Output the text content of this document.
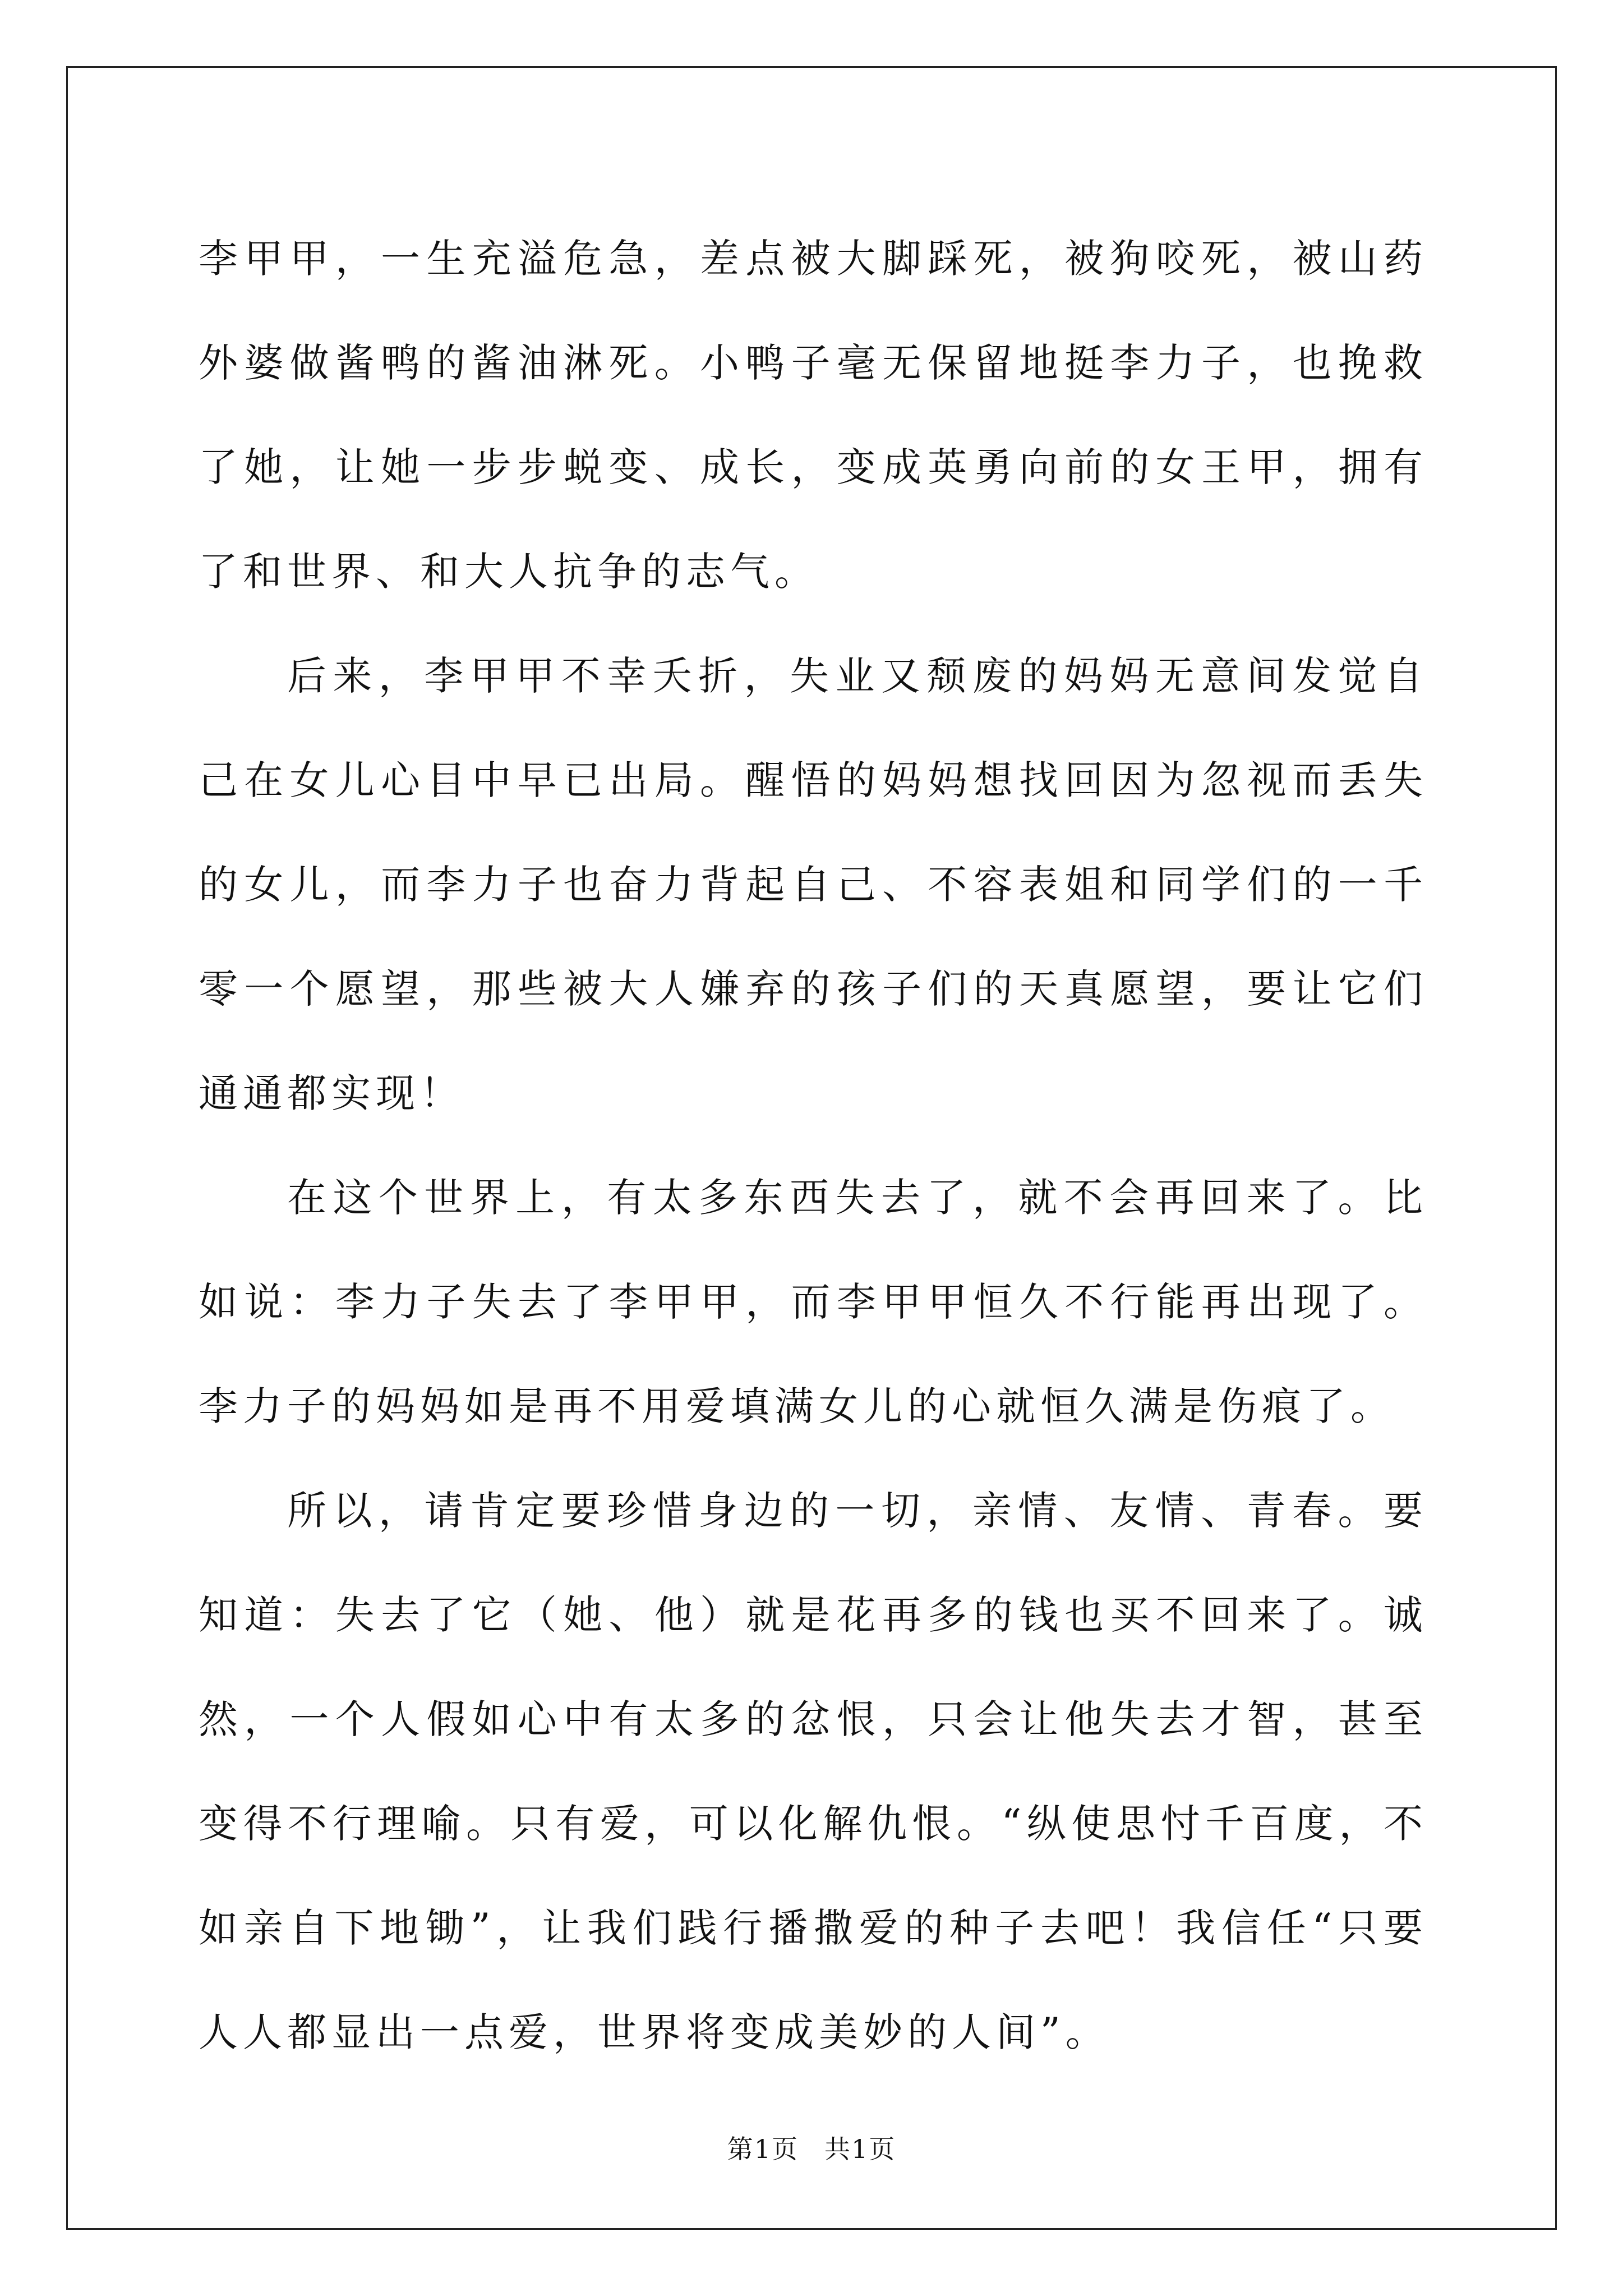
李甲甲，一生充溢危急，差点被大脚踩死，被狗咬死，被山药外婆做酱鸭的酱油淋死。小鸭子毫无保留地挺李力子，也挽救了她，让她一步步蜕变、成长，变成英勇向前的女王甲，拥有了和世界、和大人抗争的志气。

后来，李甲甲不幸夭折，失业又颓废的妈妈无意间发觉自己在女儿心目中早已出局。醒悟的妈妈想找回因为忽视而丢失的女儿，而李力子也奋力背起自己、不容表姐和同学们的一千零一个愿望，那些被大人嫌弃的孩子们的天真愿望，要让它们通通都实现！

在这个世界上，有太多东西失去了，就不会再回来了。比如说：李力子失去了李甲甲，而李甲甲恒久不行能再出现了。李力子的妈妈如是再不用爱填满女儿的心就恒久满是伤痕了。

所以，请肯定要珍惜身边的一切，亲情、友情、青春。要知道：失去了它（她、他）就是花再多的钱也买不回来了。诚然，一个人假如心中有太多的忿恨，只会让他失去才智，甚至变得不行理喻。只有爱，可以化解仇恨。“纵使思忖千百度，不如亲自下地锄”，让我们践行播撒爱的种子去吧！我信任“只要人人都显出一点爱，世界将变成美妙的人间”。

第1页 共1页
